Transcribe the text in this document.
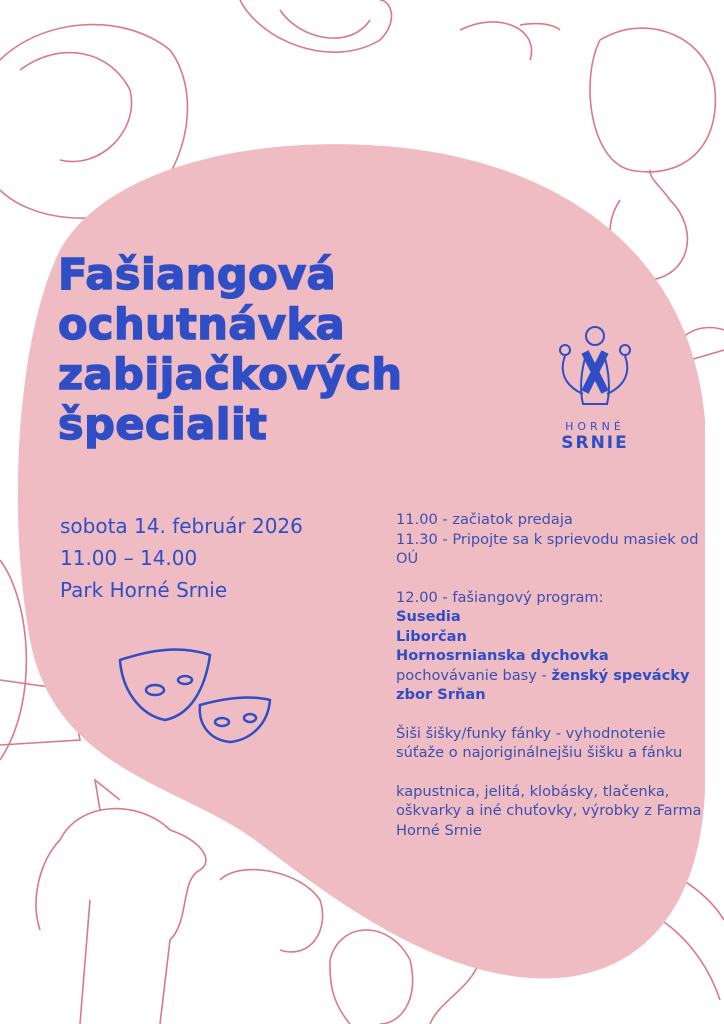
Fašiangová
ochutnávka
zabijačkových
špecialit	HORNÉ
SRNIE
sobota 14. február 2026
11.00 – 14.00
Park Horné Srnie

11.00 - začiatok predaja
11.30 - Pripojte sa k sprievodu masiek od OÚ

12.00 - fašiangový program:
Susedia
Liborčan
Hornosrnianska dychovka
pochovávanie basy - ženský spevácky zbor Srňan

Šiši šišky/funky fánky - vyhodnotenie súťaže o najoriginálnejšiu šišku a fánku

kapustnica, jelitá, klobásky, tlačenka, oškvarky a iné chuťovky, výrobky z Farma Horné Srnie
